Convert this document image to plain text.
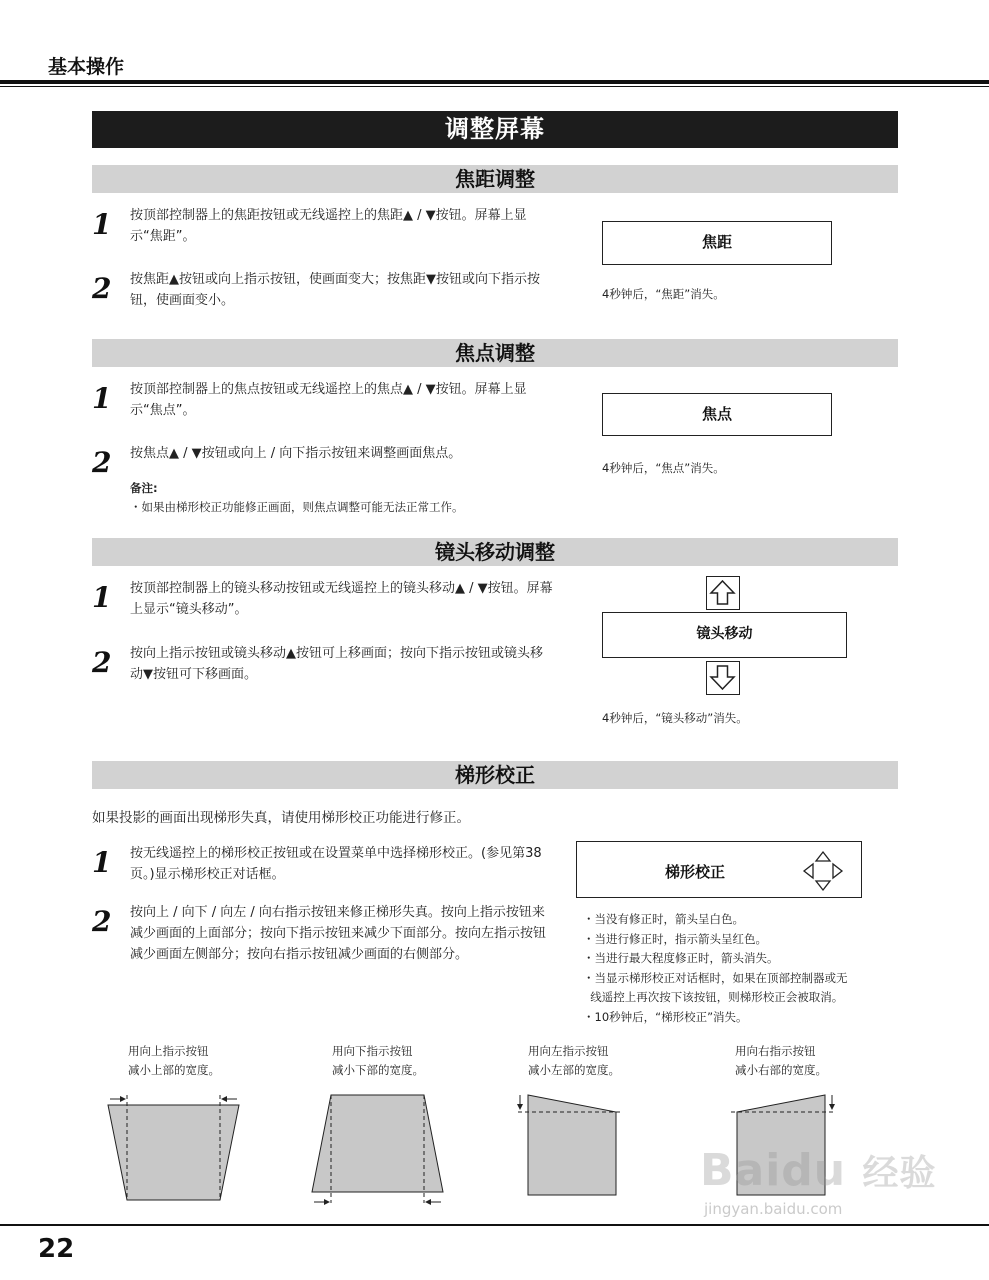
基本操作
调整屏幕
焦距调整
1 按顶部控制器上的焦距按钮或无线遥控上的焦距▲ / ▼按钮。屏幕上显示“焦距”。
2 按焦距▲按钮或向上指示按钮，使画面变大；按焦距▼按钮或向下指示按钮，使画面变小。
焦距
4秒钟后，“焦距”消失。
焦点调整
1 按顶部控制器上的焦点按钮或无线遥控上的焦点▲ / ▼按钮。屏幕上显示“焦点”。
2 按焦点▲ / ▼按钮或向上 / 向下指示按钮来调整画面焦点。
备注:
・如果由梯形校正功能修正画面，则焦点调整可能无法正常工作。
焦点
4秒钟后，“焦点”消失。
镜头移动调整
1 按顶部控制器上的镜头移动按钮或无线遥控上的镜头移动▲ / ▼按钮。屏幕上显示“镜头移动”。
2 按向上指示按钮或镜头移动▲按钮可上移画面；按向下指示按钮或镜头移动▼按钮可下移画面。
镜头移动
4秒钟后，“镜头移动”消失。
梯形校正
如果投影的画面出现梯形失真，请使用梯形校正功能进行修正。
1 按无线遥控上的梯形校正按钮或在设置菜单中选择梯形校正。(参见第38页。)显示梯形校正对话框。
2 按向上 / 向下 / 向左 / 向右指示按钮来修正梯形失真。按向上指示按钮来减少画面的上面部分；按向下指示按钮来减少下面部分。按向左指示按钮减少画面左侧部分；按向右指示按钮减少画面的右侧部分。
梯形校正
・当没有修正时，箭头呈白色。
・当进行修正时，指示箭头呈红色。
・当进行最大程度修正时，箭头消失。
・当显示梯形校正对话框时，如果在顶部控制器或无
线遥控上再次按下该按钮，则梯形校正会被取消。
・10秒钟后，“梯形校正”消失。
用向上指示按钮
减小上部的宽度。
用向下指示按钮
减小下部的宽度。
用向左指示按钮
减小左部的宽度。
用向右指示按钮
减小右部的宽度。
22
Baidu 经验
jingyan.baidu.com
